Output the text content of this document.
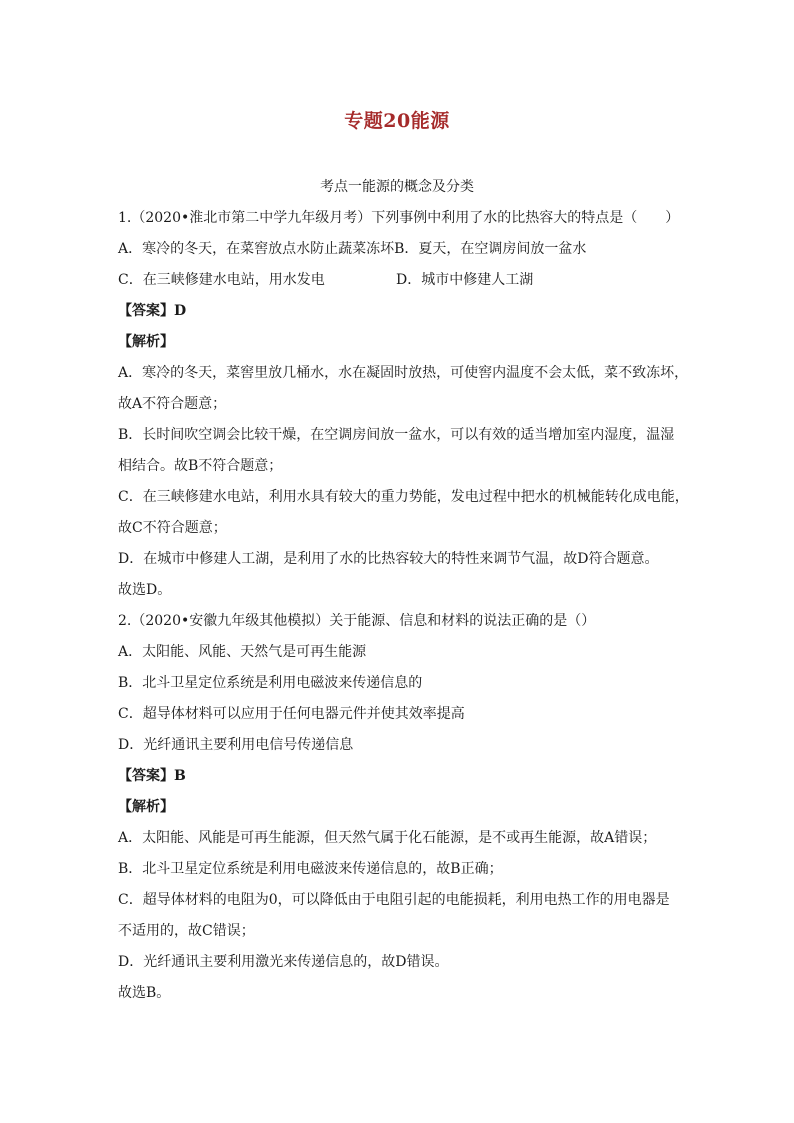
专题20能源
考点一能源的概念及分类
1.（2020•淮北市第二中学九年级月考）下列事例中利用了水的比热容大的特点是（　　）
A．寒冷的冬天，在菜窖放点水防止蔬菜冻坏 B．夏天，在空调房间放一盆水
C．在三峡修建水电站，用水发电	D．城市中修建人工湖
【答案】D
【解析】
A．寒冷的冬天，菜窖里放几桶水，水在凝固时放热，可使窖内温度不会太低，菜不致冻坏，
故A不符合题意；
B．长时间吹空调会比较干燥，在空调房间放一盆水，可以有效的适当增加室内湿度，温湿
相结合。故B不符合题意；
C．在三峡修建水电站，利用水具有较大的重力势能，发电过程中把水的机械能转化成电能，
故C不符合题意；
D．在城市中修建人工湖，是利用了水的比热容较大的特性来调节气温，故D符合题意。
故选D。
2.（2020•安徽九年级其他模拟）关于能源、信息和材料的说法正确的是（）
A．太阳能、风能、天然气是可再生能源
B．北斗卫星定位系统是利用电磁波来传递信息的
C．超导体材料可以应用于任何电器元件并使其效率提高
D．光纤通讯主要利用电信号传递信息
【答案】B
【解析】
A．太阳能、风能是可再生能源，但天然气属于化石能源，是不或再生能源，故A错误；
B．北斗卫星定位系统是利用电磁波来传递信息的，故B正确；
C．超导体材料的电阻为0，可以降低由于电阻引起的电能损耗，利用电热工作的用电器是
不适用的，故C错误；
D．光纤通讯主要利用激光来传递信息的，故D错误。
故选B。
